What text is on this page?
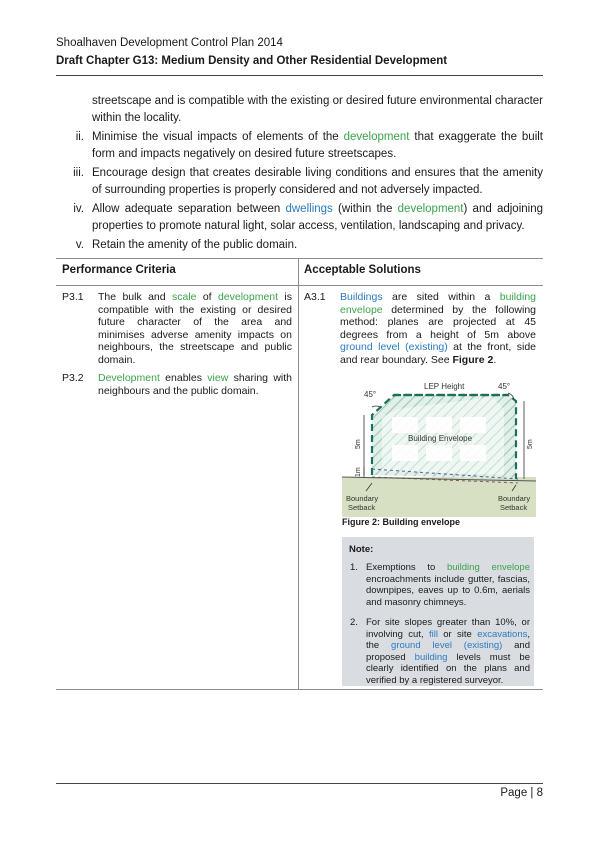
Shoalhaven Development Control Plan 2014
Draft Chapter G13: Medium Density and Other Residential Development
streetscape and is compatible with the existing or desired future environmental character within the locality.
ii. Minimise the visual impacts of elements of the development that exaggerate the built form and impacts negatively on desired future streetscapes.
iii. Encourage design that creates desirable living conditions and ensures that the amenity of surrounding properties is properly considered and not adversely impacted.
iv. Allow adequate separation between dwellings (within the development) and adjoining properties to promote natural light, solar access, ventilation, landscaping and privacy.
v. Retain the amenity of the public domain.
Performance Criteria	Acceptable Solutions
P3.1 The bulk and scale of development is compatible with the existing or desired future character of the area and minimises adverse amenity impacts on neighbours, the streetscape and public domain.
P3.2 Development enables view sharing with neighbours and the public domain.
A3.1 Buildings are sited within a building envelope determined by the following method: planes are projected at 45 degrees from a height of 5m above ground level (existing) at the front, side and rear boundary. See Figure 2.
LEP Height
45°
45°
Building Envelope
5m
1m
5m
Boundary
Setback
Boundary
Setback
Figure 2: Building envelope
Note:
1. Exemptions to building envelope encroachments include gutter, fascias, downpipes, eaves up to 0.6m, aerials and masonry chimneys.
2. For site slopes greater than 10%, or involving cut, fill or site excavations, the ground level (existing) and proposed building levels must be clearly identified on the plans and verified by a registered surveyor.
Page | 8
